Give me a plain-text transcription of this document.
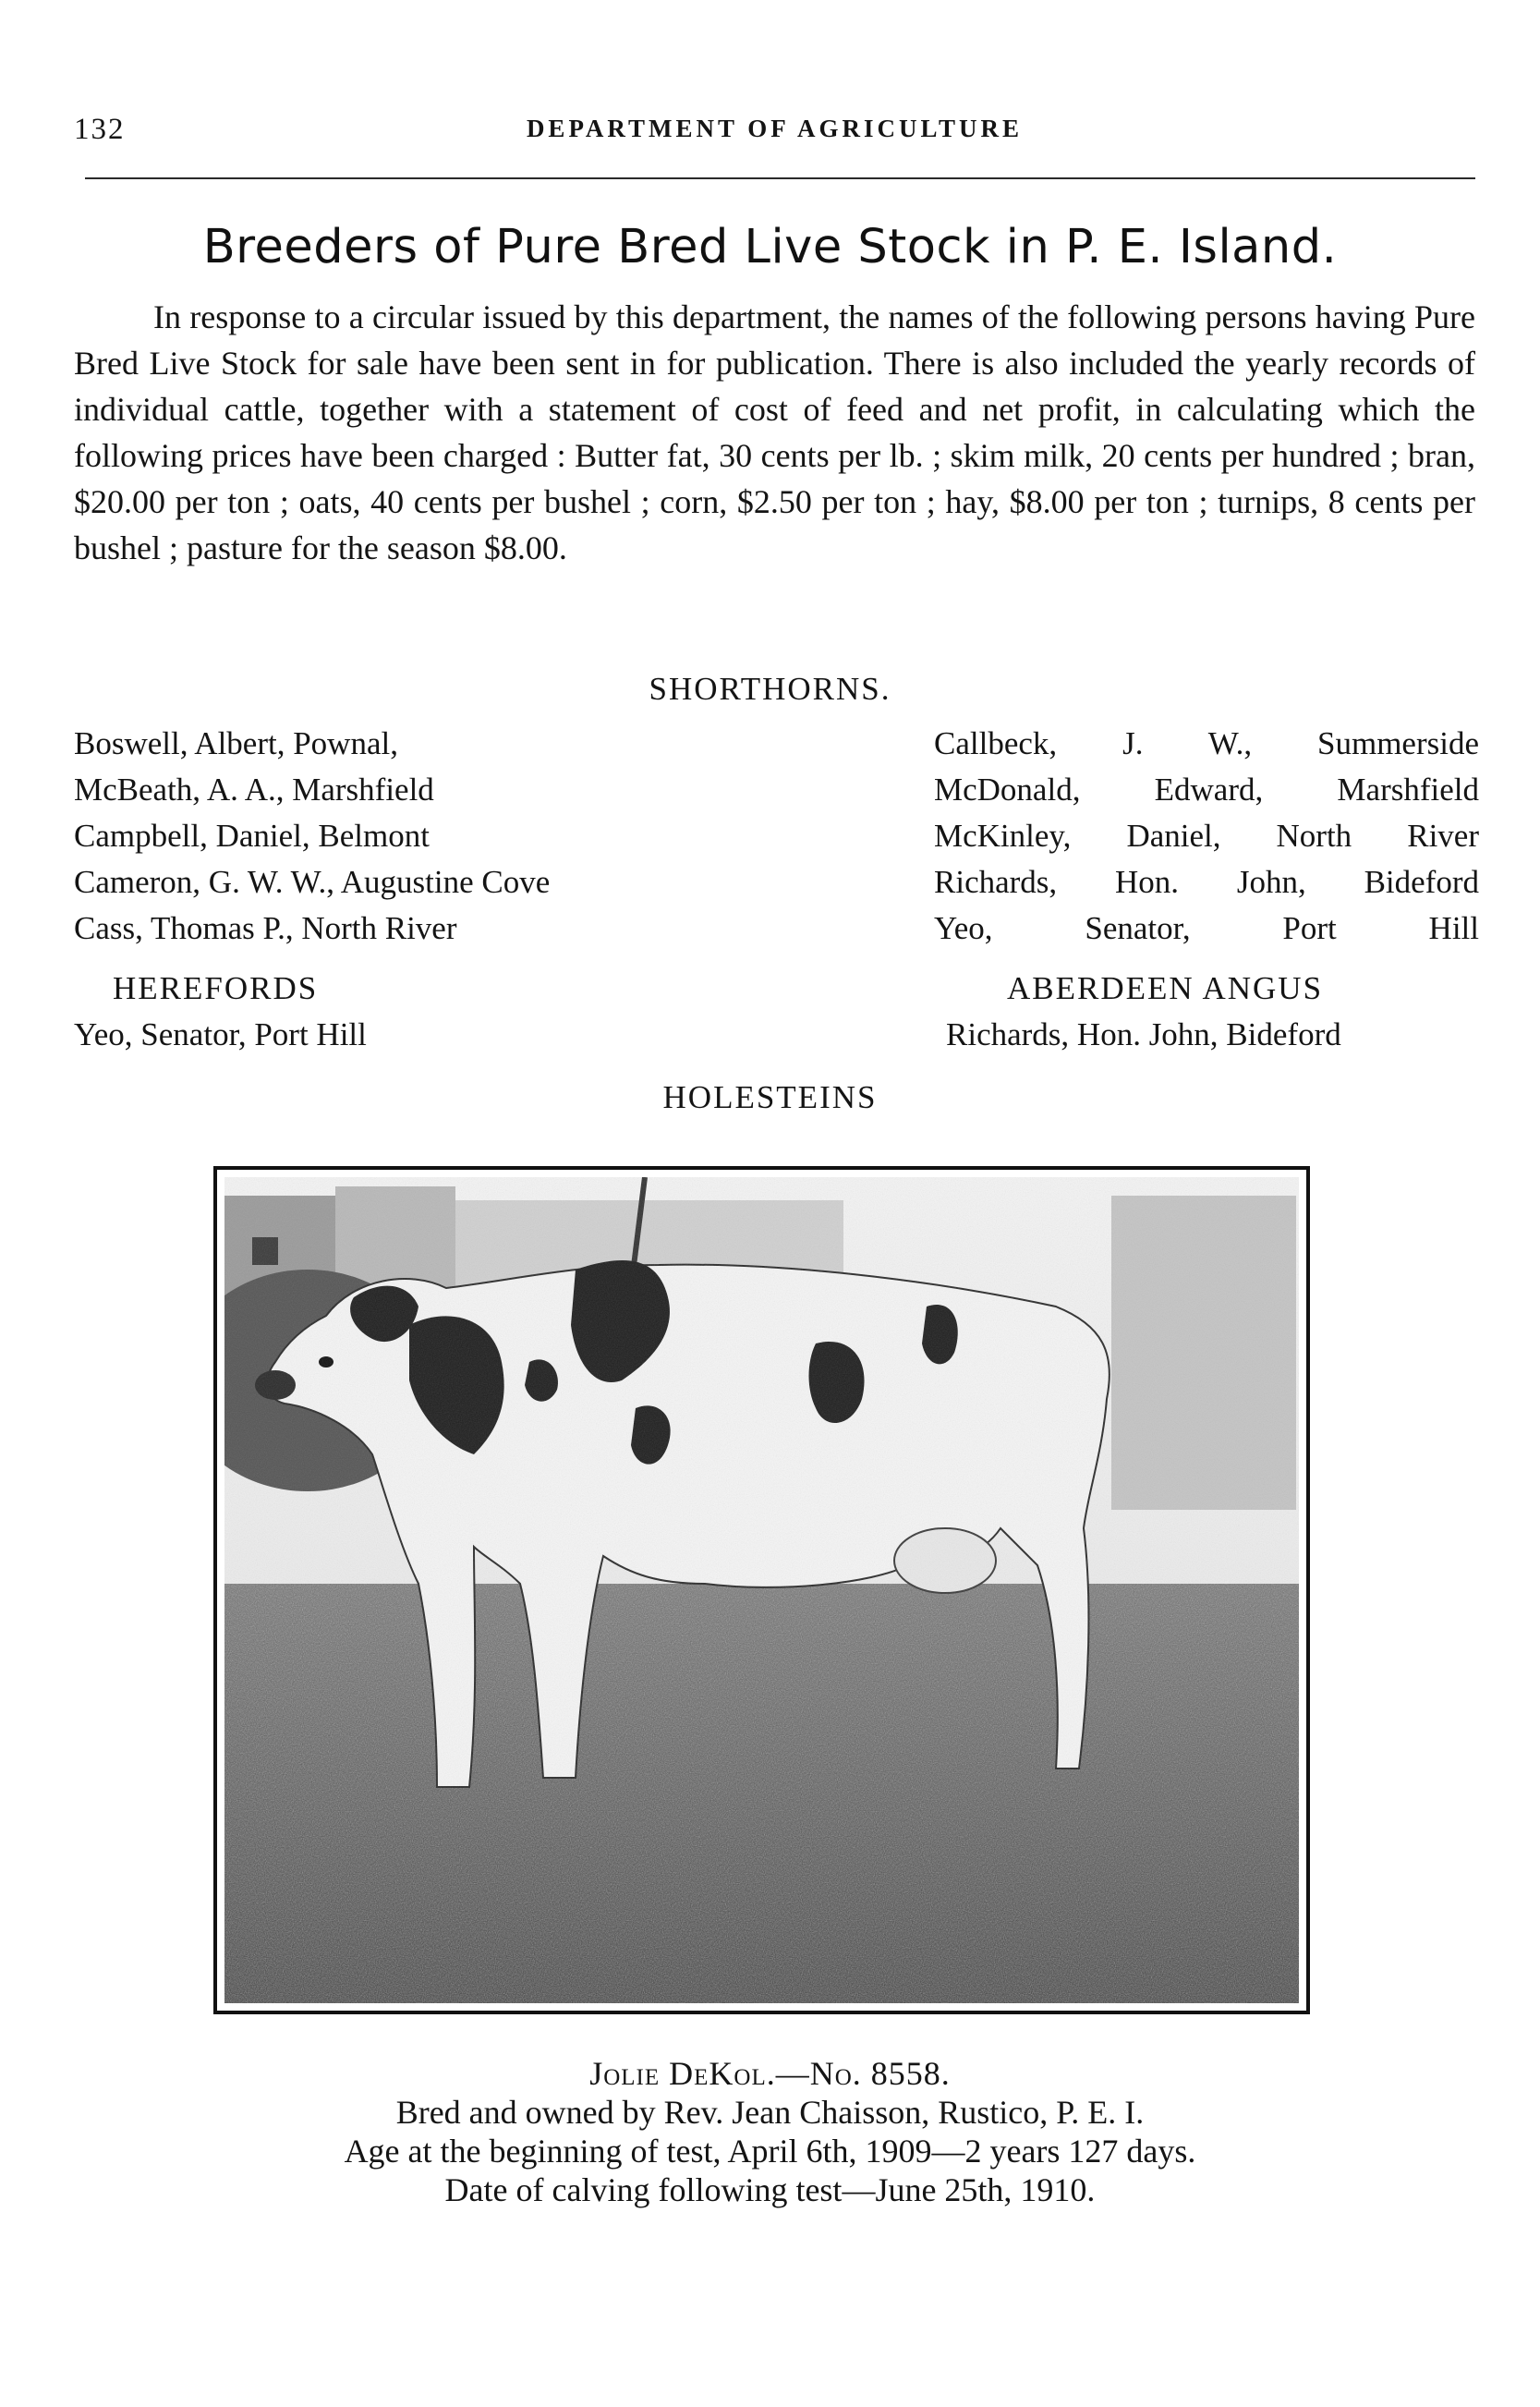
132	DEPARTMENT OF AGRICULTURE
Breeders of Pure Bred Live Stock in P. E. Island.

In response to a circular issued by this department, the names of the following persons having Pure Bred Live Stock for sale have been sent in for publication. There is also included the yearly records of individual cattle, together with a statement of cost of feed and net profit, in calculating which the following prices have been charged : Butter fat, 30 cents per lb. ; skim milk, 20 cents per hundred ; bran, $20.00 per ton ; oats, 40 cents per bushel ; corn, $2.50 per ton ; hay, $8.00 per ton ; turnips, 8 cents per bushel ; pasture for the season $8.00.

SHORTHORNS.
Boswell, Albert, Pownal,
McBeath, A. A., Marshfield
Campbell, Daniel, Belmont
Cameron, G. W. W., Augustine Cove
Cass, Thomas P., North River
Callbeck, J. W., Summerside
McDonald, Edward, Marshfield
McKinley, Daniel, North River
Richards, Hon. John, Bideford
Yeo, Senator, Port Hill
HEREFORDS
Yeo, Senator, Port Hill
ABERDEEN ANGUS
Richards, Hon. John, Bideford
HOLESTEINS

Jolie DeKol.—No. 8558.

Bred and owned by Rev. Jean Chaisson, Rustico, P. E. I.

Age at the beginning of test, April 6th, 1909—2 years 127 days.

Date of calving following test—June 25th, 1910.
